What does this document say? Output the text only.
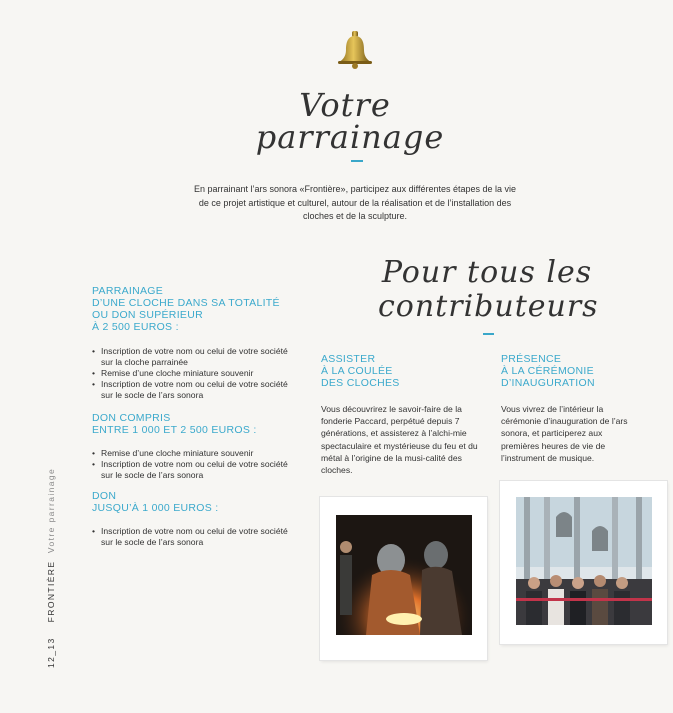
Votre
parrainage
En parrainant l’ars sonora «Frontière», participez aux différentes étapes de la vie de ce projet artistique et culturel, autour de la réalisation et de l’installation des cloches et de la sculpture.
Pour tous les
contributeurs
PARRAINAGE
D’UNE CLOCHE DANS SA TOTALITÉ
OU DON SUPÉRIEUR
À 2 500 EUROS :
• Inscription de votre nom ou celui de votre société sur la cloche parrainée
• Remise d’une cloche miniature souvenir
• Inscription de votre nom ou celui de votre société sur le socle de l’ars sonora
DON COMPRIS
ENTRE 1 000 ET 2 500 EUROS :
• Remise d’une cloche miniature souvenir
• Inscription de votre nom ou celui de votre société sur le socle de l’ars sonora
DON
JUSQU’À 1 000 EUROS :
• Inscription de votre nom ou celui de votre société sur le socle de l’ars sonora
ASSISTER
À LA COULÉE
DES CLOCHES
Vous découvrirez le savoir-faire de la fonderie Paccard, perpétué depuis 7 générations, et assisterez à l’alchi-mie spectaculaire et mystérieuse du feu et du métal à l’origine de la musi-calité des cloches.
PRÉSENCE
À LA CÉRÉMONIE
D’INAUGURATION
Vous vivrez de l’intérieur la cérémonie d’inauguration de l’ars sonora, et participerez aux premières heures de vie de l’instrument de musique.
12_13    FRONTIÈRE  Votre parrainage
